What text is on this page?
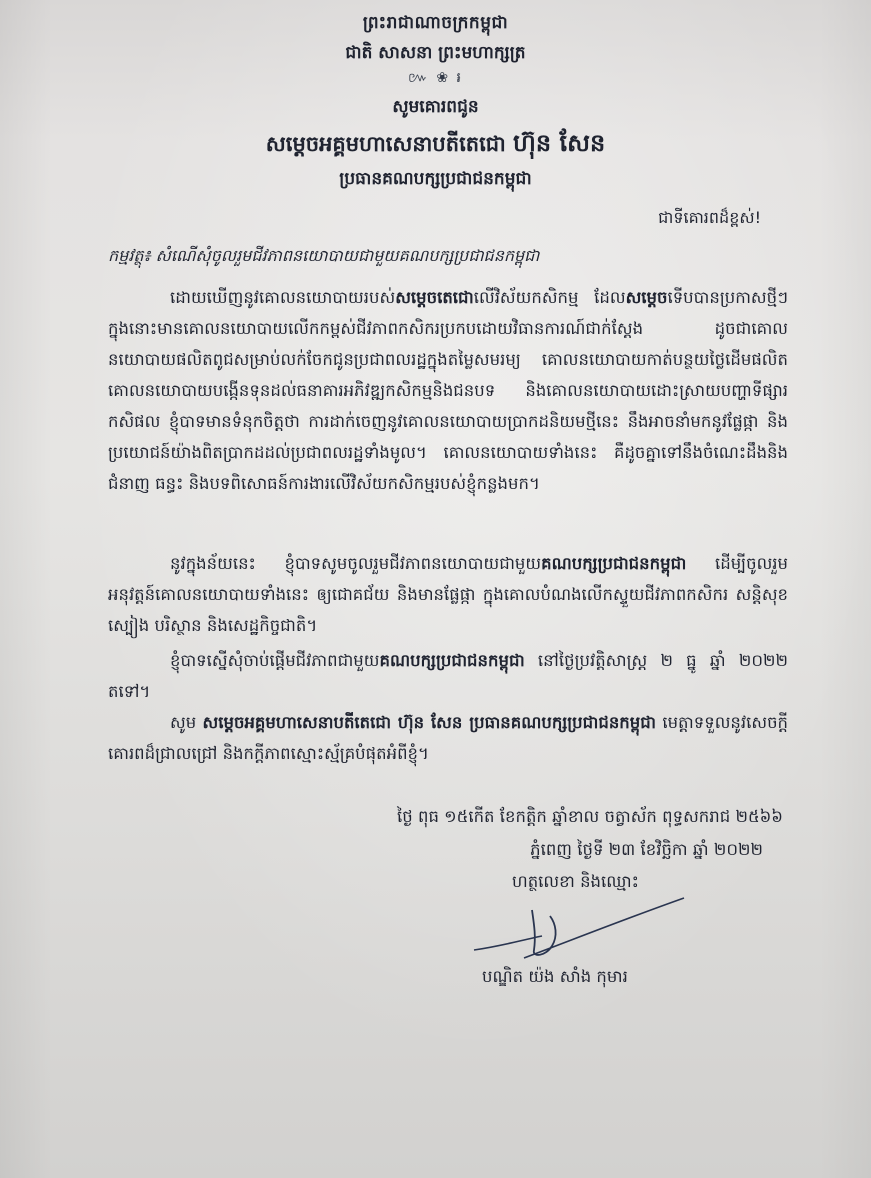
ព្រះរាជាណាចក្រកម្ពុជា
ជាតិ សាសនា ព្រះមហាក្សត្រ
៚ ❀ ៛
សូមគោរពជូន
សម្តេចអគ្គមហាសេនាបតីតេជោ ហ៊ុន សែន
ប្រធានគណបក្សប្រជាជនកម្ពុជា
ជាទីគោរពដ៏ខ្ពស់!
កម្មវត្ថុ៖ សំណើសុំចូលរួមជីវភាពនយោបាយជាមួយគណបក្សប្រជាជនកម្ពុជា

ដោយឃើញនូវគោលនយោបាយរបស់សម្តេចតេជោលើវិស័យកសិកម្ម ដែលសម្តេចទើបបានប្រកាសថ្មីៗ ក្នុងនោះមានគោលនយោបាយលើកកម្ពស់ជីវភាពកសិករប្រកបដោយវិធានការណ៍ជាក់ស្តែង ដូចជាគោលនយោបាយផលិតពូជសម្រាប់លក់ចែកជូនប្រជាពលរដ្ឋក្នុងតម្លៃសមរម្យ គោលនយោបាយកាត់បន្ថយថ្លៃដើមផលិត គោលនយោបាយបង្កើនទុនដល់ធនាគារអភិវឌ្ឍកសិកម្មនិងជនបទ និងគោលនយោបាយដោះស្រាយបញ្ហាទីផ្សារកសិផល ខ្ញុំបាទមានទំនុកចិត្តថា ការដាក់ចេញនូវគោលនយោបាយប្រាកដនិយមថ្មីនេះ នឹងអាចនាំមកនូវផ្លែផ្កា និងប្រយោជន៍យ៉ាងពិតប្រាកដដល់ប្រជាពលរដ្ឋទាំងមូល។ គោលនយោបាយទាំងនេះ គឺដូចគ្នាទៅនឹងចំណេះដឹងនិងជំនាញ ធន្ធះ និងបទពិសោធន៍ការងារលើវិស័យកសិកម្មរបស់ខ្ញុំកន្លងមក។

នូវក្នុងន័យនេះ ខ្ញុំបាទសូមចូលរួមជីវភាពនយោបាយជាមួយគណបក្សប្រជាជនកម្ពុជា ដើម្បីចូលរួមអនុវត្តន៍គោលនយោបាយទាំងនេះ ឲ្យជោគជ័យ និងមានផ្លែផ្កា ក្នុងគោលបំណងលើកស្ទួយជីវភាពកសិករ សន្តិសុខស្បៀង បរិស្ថាន និងសេដ្ឋកិច្ចជាតិ។

ខ្ញុំបាទស្នើសុំចាប់ផ្តើមជីវភាពជាមួយគណបក្សប្រជាជនកម្ពុជា នៅថ្ងៃប្រវត្តិសាស្រ្ត ២ ធ្នូ ឆ្នាំ ២០២២ តទៅ។

សូម សម្តេចអគ្គមហាសេនាបតីតេជោ ហ៊ុន សែន ប្រធានគណបក្សប្រជាជនកម្ពុជា មេត្តាទទួលនូវសេចក្តីគោរពដ៏ជ្រាលជ្រៅ និងកក្តីភាពស្មោះស្ម័គ្របំផុតអំពីខ្ញុំ។

ថ្ងៃ ពុធ ១៥កើត ខែកត្តិក ឆ្នាំខាល ចត្វាស័ក ពុទ្ធសករាជ ២៥៦៦
ភ្នំពេញ ថ្ងៃទី ២៣ ខែវិច្ឆិកា ឆ្នាំ ២០២២
ហត្ថលេខា និងឈ្មោះ
បណ្ឌិត យ៉ង សាំង កុមារ
